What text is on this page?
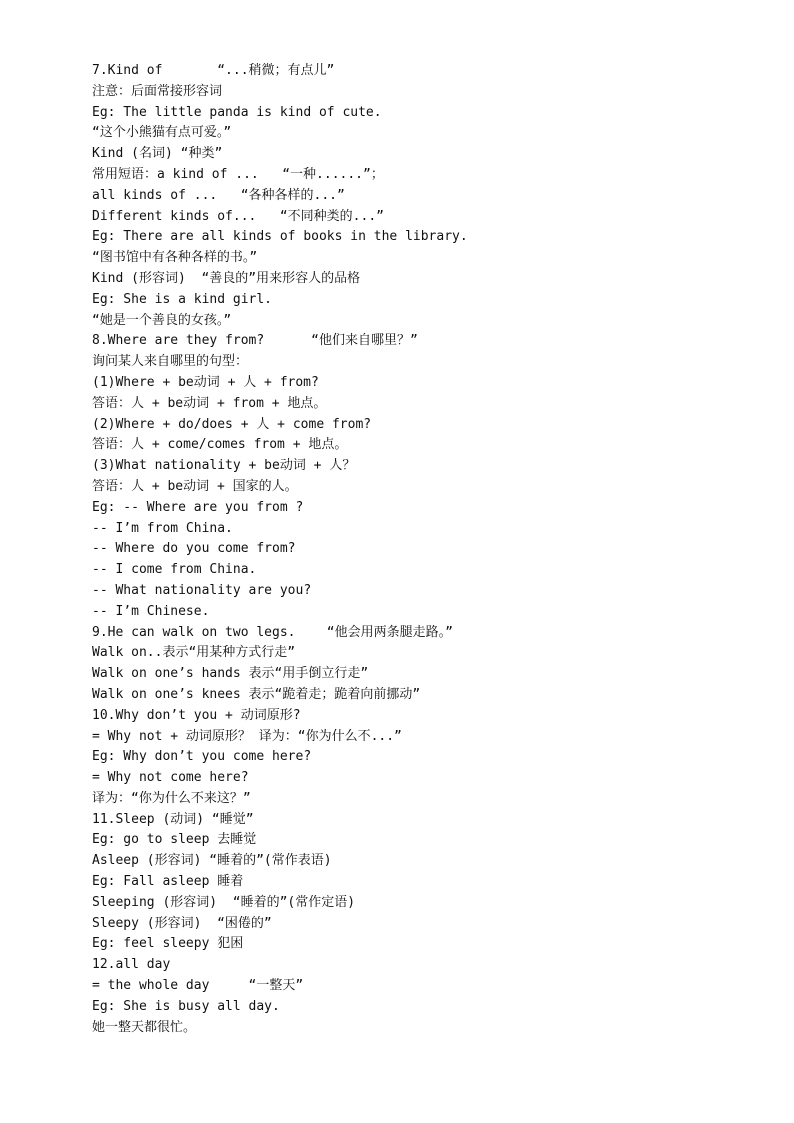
7.Kind of       “...稍微；有点儿”
注意：后面常接形容词
Eg: The little panda is kind of cute.
“这个小熊猫有点可爱。”
Kind (名词) “种类”
常用短语：a kind of ...   “一种......”；
all kinds of ...   “各种各样的...”
Different kinds of...   “不同种类的...”
Eg: There are all kinds of books in the library.
“图书馆中有各种各样的书。”
Kind (形容词)  “善良的”用来形容人的品格
Eg: She is a kind girl.
“她是一个善良的女孩。”
8.Where are they from?      “他们来自哪里？”
询问某人来自哪里的句型：
(1)Where + be动词 + 人 + from?
答语：人 + be动词 + from + 地点。
(2)Where + do/does + 人 + come from?
答语：人 + come/comes from + 地点。
(3)What nationality + be动词 + 人？
答语：人 + be动词 + 国家的人。
Eg: -- Where are you from ?
-- I’m from China.
-- Where do you come from?
-- I come from China.
-- What nationality are you?
-- I’m Chinese.
9.He can walk on two legs.    “他会用两条腿走路。”
Walk on..表示“用某种方式行走”
Walk on one’s hands 表示“用手倒立行走”
Walk on one’s knees 表示“跪着走；跪着向前挪动”
10.Why don’t you + 动词原形?
= Why not + 动词原形？ 译为：“你为什么不...”
Eg: Why don’t you come here?
= Why not come here?
译为：“你为什么不来这？”
11.Sleep (动词) “睡觉”
Eg: go to sleep 去睡觉
Asleep (形容词) “睡着的”(常作表语)
Eg: Fall asleep 睡着
Sleeping (形容词)  “睡着的”(常作定语)
Sleepy (形容词)  “困倦的”
Eg: feel sleepy 犯困
12.all day
= the whole day     “一整天”
Eg: She is busy all day.
她一整天都很忙。
